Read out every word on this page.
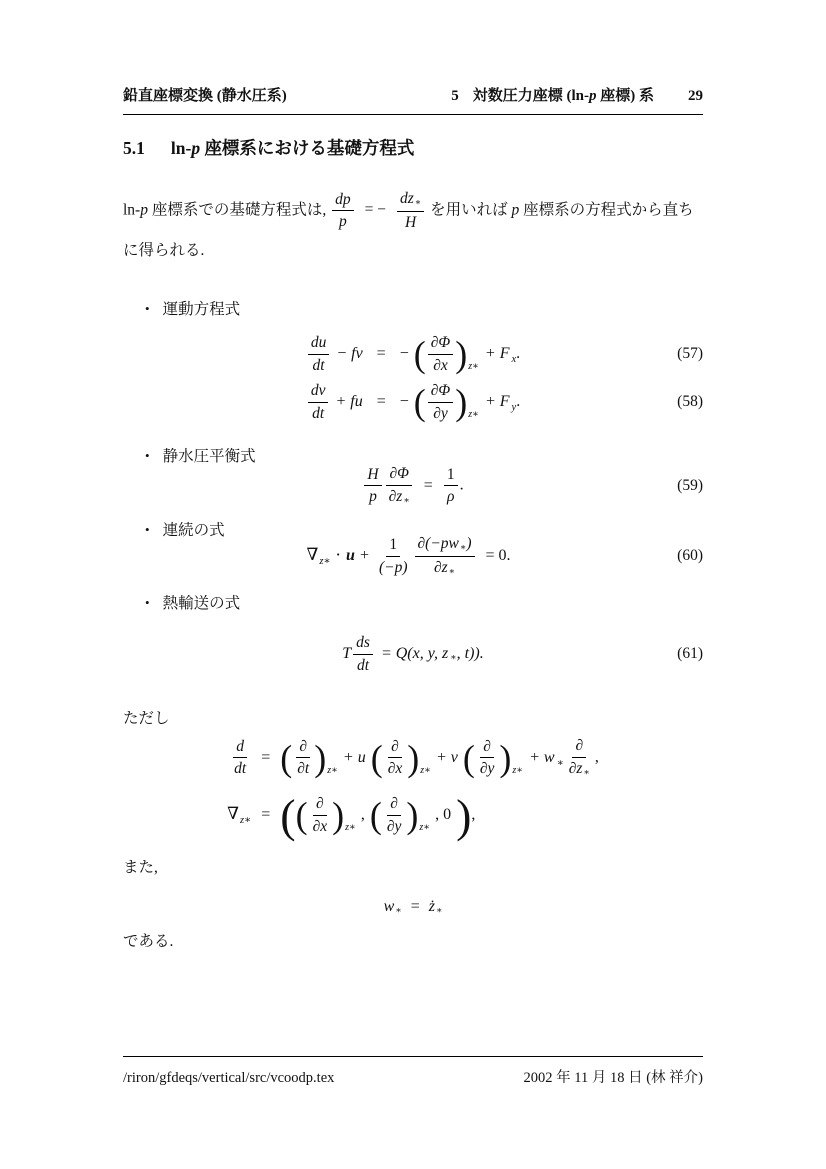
鉛直座標変換 (静水圧系)	5 対数圧力座標 (ln-p 座標) 系 29
5.1 ln-p 座標系における基礎方程式
ln-p 座標系での基礎方程式は, $\frac{dp}{p}$ = − $\frac{dz_∗}{H}$ を用いれば p 座標系の方程式から直ち
に得られる.
• 運動方程式
$\frac{du}{dt}$ − fv = − ( $\frac{\partial\Phi}{\partial x} )_{z∗}+ F$ $_x$.	(57)
$\frac{dv}{dt}$ + fu = − ( $\frac{\partial\Phi}{\partial y} )_{z∗}+ F$ $_y$.	(58)
• 静水圧平衡式
$\frac{H}{p} \frac{\partial\Phi}{\partial z_∗} = \frac{1}{\rho}$ .	(59)
• 連続の式
$\nabla_{z∗} \cdot u + \frac{1}{(-p)} \frac{\partial(-pw_∗)}{\partial z_∗} = 0$.	(60)
• 熱輸送の式
T $\frac{ds}{dt} = Q(x$, y, z $_∗$, t)).	(61)
ただし
$\frac{d}{dt}$ = ( ∂
∂t )$_{z∗}+ u$ ( ∂
∂x )$_{z∗}+ v$ ( ∂
∂y )$_{z∗}+ w$ $_∗$
∂
$\partial z_∗$
,
$\nabla_{z∗}$ = (( ∂
∂x )$_{z∗}$, ( ∂
∂y )$_{z∗}$, 0 ),
また,
$w_∗$ = $ż_∗$
である.
/riron/gfdeqs/vertical/src/vcoodp.tex	2002 年 11 月 18 日 (林 祥介)
